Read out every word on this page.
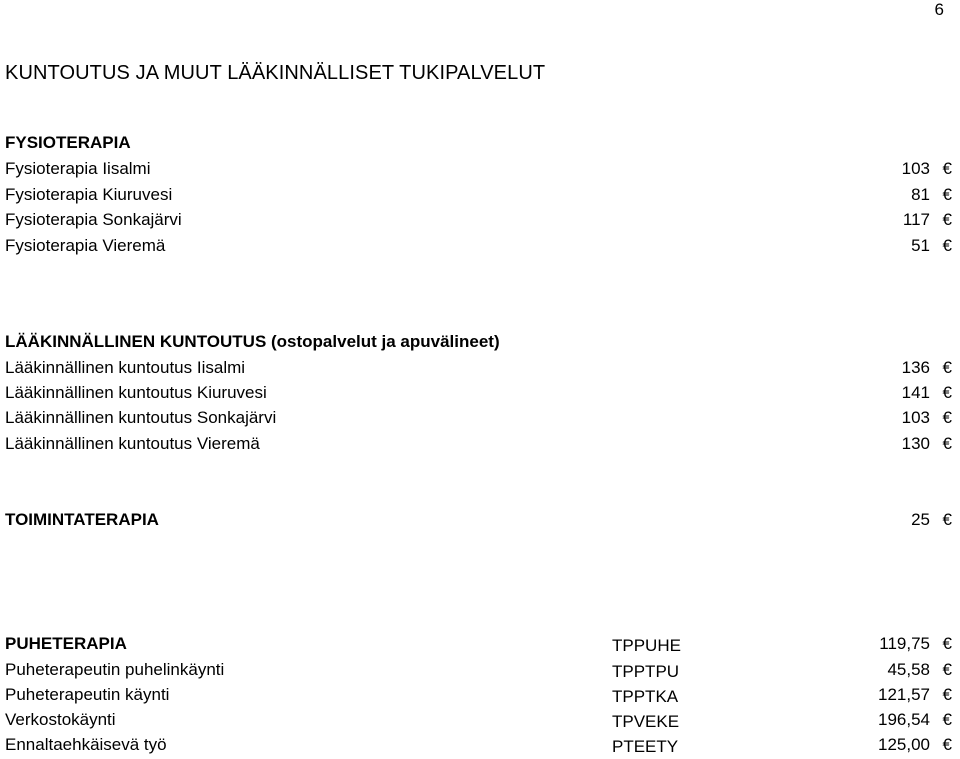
6
KUNTOUTUS JA MUUT LÄÄKINNÄLLISET TUKIPALVELUT
FYSIOTERAPIA
Fysioterapia Iisalmi	103 €
Fysioterapia Kiuruvesi	81 €
Fysioterapia Sonkajärvi	117 €
Fysioterapia Vieremä	51 €
LÄÄKINNÄLLINEN KUNTOUTUS (ostopalvelut ja apuvälineet)
Lääkinnällinen kuntoutus Iisalmi	136 €
Lääkinnällinen kuntoutus Kiuruvesi	141 €
Lääkinnällinen kuntoutus Sonkajärvi	103 €
Lääkinnällinen kuntoutus Vieremä	130 €
TOIMINTATERAPIA	25 €
PUHETERAPIA	TPPUHE	119,75 €
Puheterapeutin puhelinkäynti	TPPTPU	45,58 €
Puheterapeutin käynti	TPPTKA	121,57 €
Verkostokäynti	TPVEKE	196,54 €
Ennaltaehkäisevä työ	PTEETY	125,00 €
